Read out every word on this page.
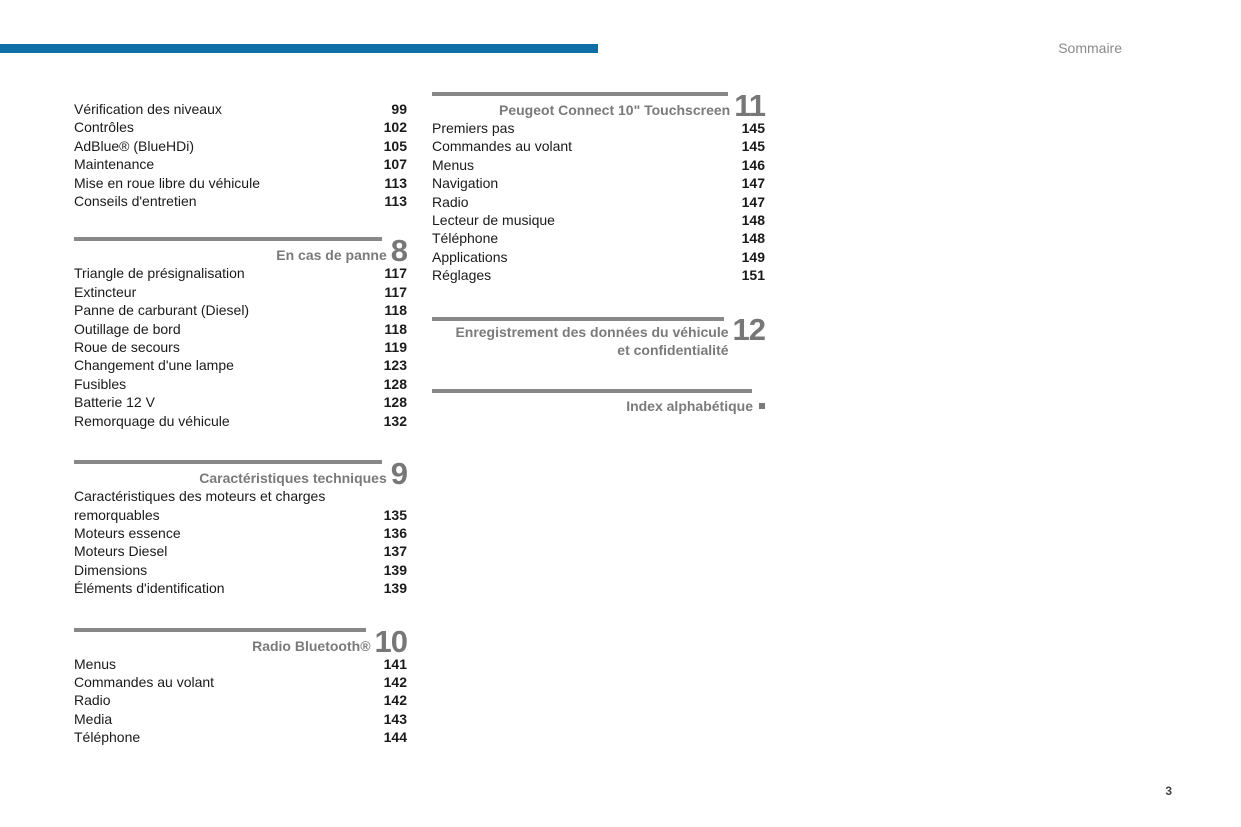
Sommaire
Vérification des niveaux	99
Contrôles	102
AdBlue® (BlueHDi)	105
Maintenance	107
Mise en roue libre du véhicule	113
Conseils d'entretien	113
En cas de panne 8
Triangle de présignalisation	117
Extincteur	117
Panne de carburant (Diesel)	118
Outillage de bord	118
Roue de secours	119
Changement d'une lampe	123
Fusibles	128
Batterie 12 V	128
Remorquage du véhicule	132
Caractéristiques techniques 9
Caractéristiques des moteurs et charges
remorquables	135
Moteurs essence	136
Moteurs Diesel	137
Dimensions	139
Éléments d'identification	139
Radio Bluetooth® 10
Menus	141
Commandes au volant	142
Radio	142
Media	143
Téléphone	144
Peugeot Connect 10" Touchscreen 11
Premiers pas	145
Commandes au volant	145
Menus	146
Navigation	147
Radio	147
Lecteur de musique	148
Téléphone	148
Applications	149
Réglages	151
Enregistrement des données du véhicule
et confidentialité
12
Index alphabétique
3
